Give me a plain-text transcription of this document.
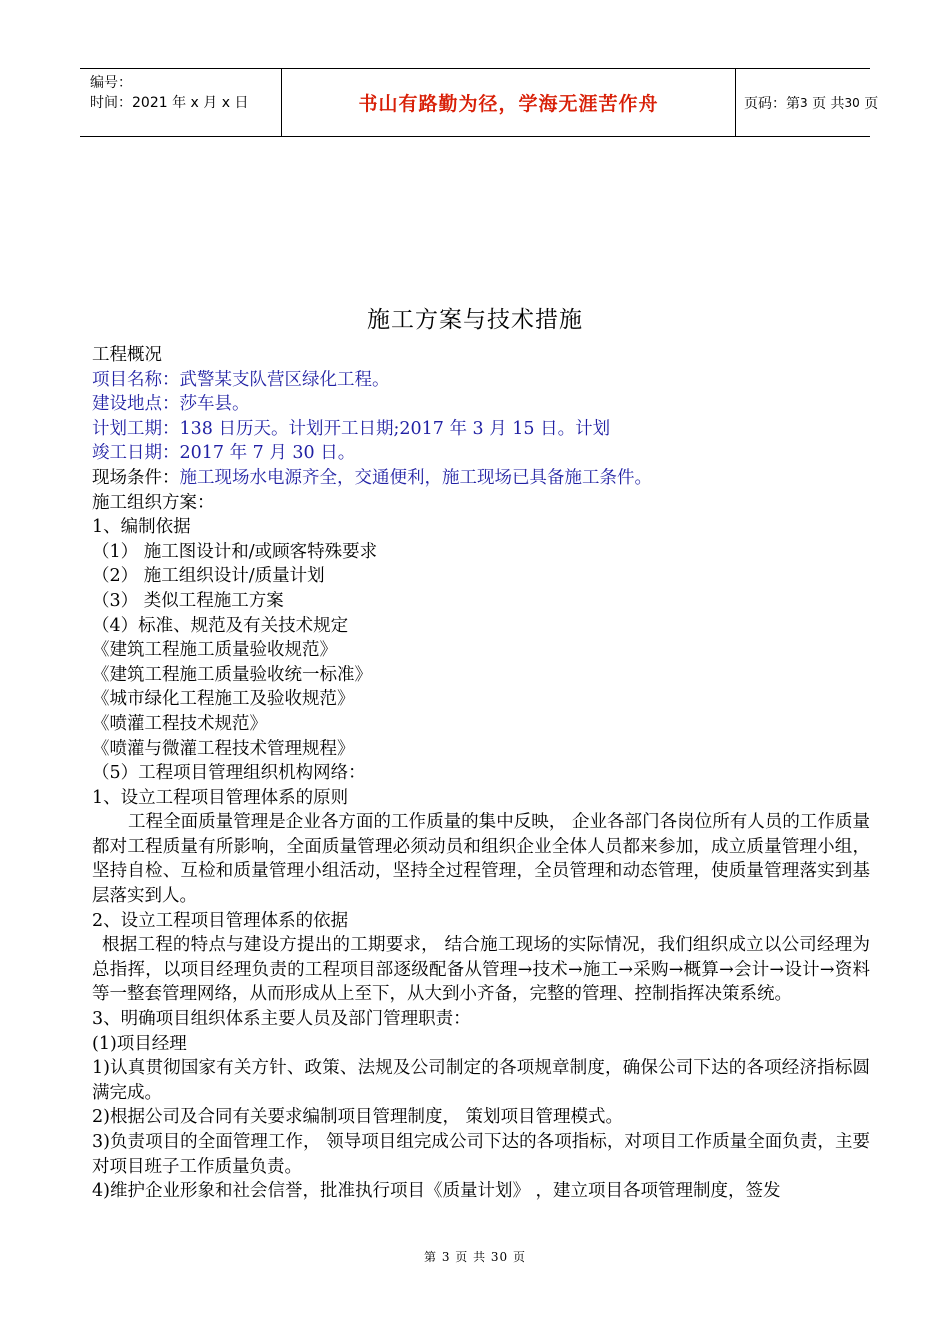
编号：
时间：2021 年 x 月 x 日	书山有路勤为径，学海无涯苦作舟	页码：第 3
页 共 30
页
施工方案与技术措施
工程概况
项目名称：武警某支队营区绿化工程。
建设地点：莎车县。
计划工期：138 日历天。计划开工日期;2017 年 3 月 15 日。计划
竣工日期：2017 年 7 月 30 日。
现场条件：施工现场水电源齐全，交通便利，施工现场已具备施工条件。
施工组织方案：
1、编制依据
（1） 施工图设计和/或顾客特殊要求
（2） 施工组织设计/质量计划
（3） 类似工程施工方案
（4）标准、规范及有关技术规定
《建筑工程施工质量验收规范》
《建筑工程施工质量验收统一标准》
《城市绿化工程施工及验收规范》
《喷灌工程技术规范》
《喷灌与微灌工程技术管理规程》
（5）工程项目管理组织机构网络：
1、设立工程项目管理体系的原则
工程全面质量管理是企业各方面的工作质量的集中反映， 企业各部门各岗位所有人员的工作质量都对工程质量有所影响，全面质量管理必须动员和组织企业全体人员都来参加，成立质量管理小组，坚持自检、互检和质量管理小组活动，坚持全过程管理，全员管理和动态管理，使质量管理落实到基层落实到人。
2、设立工程项目管理体系的依据
根据工程的特点与建设方提出的工期要求， 结合施工现场的实际情况，我们组织成立以公司经理为总指挥，以项目经理负责的工程项目部逐级配备从管理→技术→施工→采购→概算→会计→设计→资料等一整套管理网络，从而形成从上至下，从大到小齐备，完整的管理、控制指挥决策系统。
3、明确项目组织体系主要人员及部门管理职责：
(1)项目经理
1)认真贯彻国家有关方针、政策、法规及公司制定的各项规章制度，确保公司下达的各项经济指标圆满完成。
2)根据公司及合同有关要求编制项目管理制度， 策划项目管理模式。
3)负责项目的全面管理工作， 领导项目组完成公司下达的各项指标，对项目工作质量全面负责，主要对项目班子工作质量负责。
4)维护企业形象和社会信誉，批准执行项目《质量计划》 ，建立项目各项管理制度，签发
第 3 页 共 30 页
